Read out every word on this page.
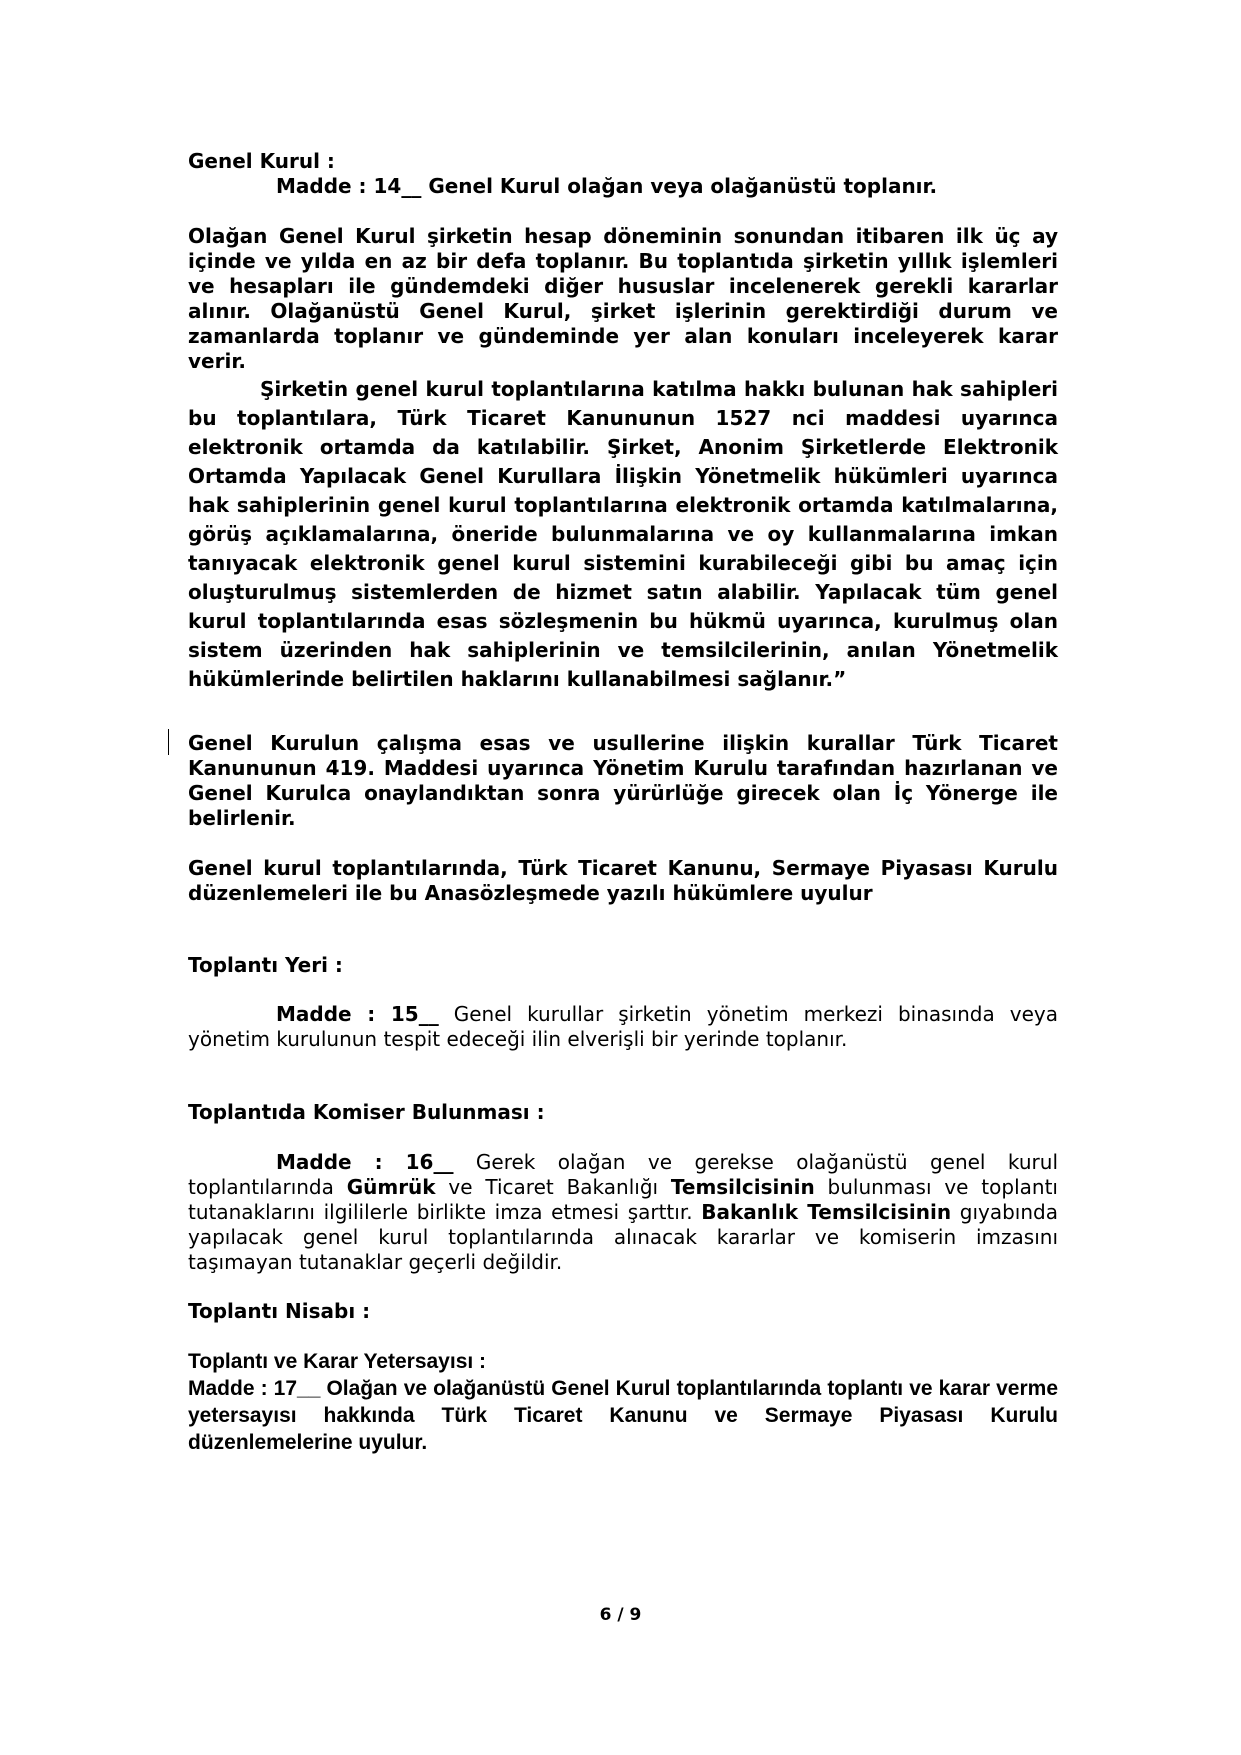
Genel Kurul :

Madde : 14__ Genel Kurul olağan veya olağanüstü toplanır.

Olağan Genel Kurul şirketin hesap döneminin sonundan itibaren ilk üç ay içinde ve yılda en az bir defa toplanır. Bu toplantıda şirketin yıllık işlemleri ve hesapları ile gündemdeki diğer hususlar incelenerek gerekli kararlar alınır. Olağanüstü Genel Kurul, şirket işlerinin gerektirdiği durum ve zamanlarda toplanır ve gündeminde yer alan konuları inceleyerek karar verir.

Şirketin genel kurul toplantılarına katılma hakkı bulunan hak sahipleri bu toplantılara, Türk Ticaret Kanununun 1527 nci maddesi uyarınca elektronik ortamda da katılabilir. Şirket, Anonim Şirketlerde Elektronik Ortamda Yapılacak Genel Kurullara İlişkin Yönetmelik hükümleri uyarınca hak sahiplerinin genel kurul toplantılarına elektronik ortamda katılmalarına, görüş açıklamalarına, öneride bulunmalarına ve oy kullanmalarına imkan tanıyacak elektronik genel kurul sistemini kurabileceği gibi bu amaç için oluşturulmuş sistemlerden de hizmet satın alabilir. Yapılacak tüm genel kurul toplantılarında esas sözleşmenin bu hükmü uyarınca, kurulmuş olan sistem üzerinden hak sahiplerinin ve temsilcilerinin, anılan Yönetmelik hükümlerinde belirtilen haklarını kullanabilmesi sağlanır.”

Genel Kurulun çalışma esas ve usullerine ilişkin kurallar Türk Ticaret Kanununun 419. Maddesi uyarınca Yönetim Kurulu tarafından hazırlanan ve Genel Kurulca onaylandıktan sonra yürürlüğe girecek olan İç Yönerge ile belirlenir.

Genel kurul toplantılarında, Türk Ticaret Kanunu, Sermaye Piyasası Kurulu düzenlemeleri ile bu Anasözleşmede yazılı hükümlere uyulur

Toplantı Yeri :

Madde : 15__ Genel kurullar şirketin yönetim merkezi binasında veya yönetim kurulunun tespit edeceği ilin elverişli bir yerinde toplanır.

Toplantıda Komiser Bulunması :

Madde : 16__ Gerek olağan ve gerekse olağanüstü genel kurul toplantılarında Gümrük ve Ticaret Bakanlığı Temsilcisinin bulunması ve toplantı tutanaklarını ilgililerle birlikte imza etmesi şarttır. Bakanlık Temsilcisinin gıyabında yapılacak genel kurul toplantılarında alınacak kararlar ve komiserin imzasını taşımayan tutanaklar geçerli değildir.

Toplantı Nisabı :

Toplantı ve Karar Yetersayısı :

Madde : 17__ Olağan ve olağanüstü Genel Kurul toplantılarında toplantı ve karar verme yetersayısı hakkında Türk Ticaret Kanunu ve Sermaye Piyasası Kurulu düzenlemelerine uyulur.

6 / 9
